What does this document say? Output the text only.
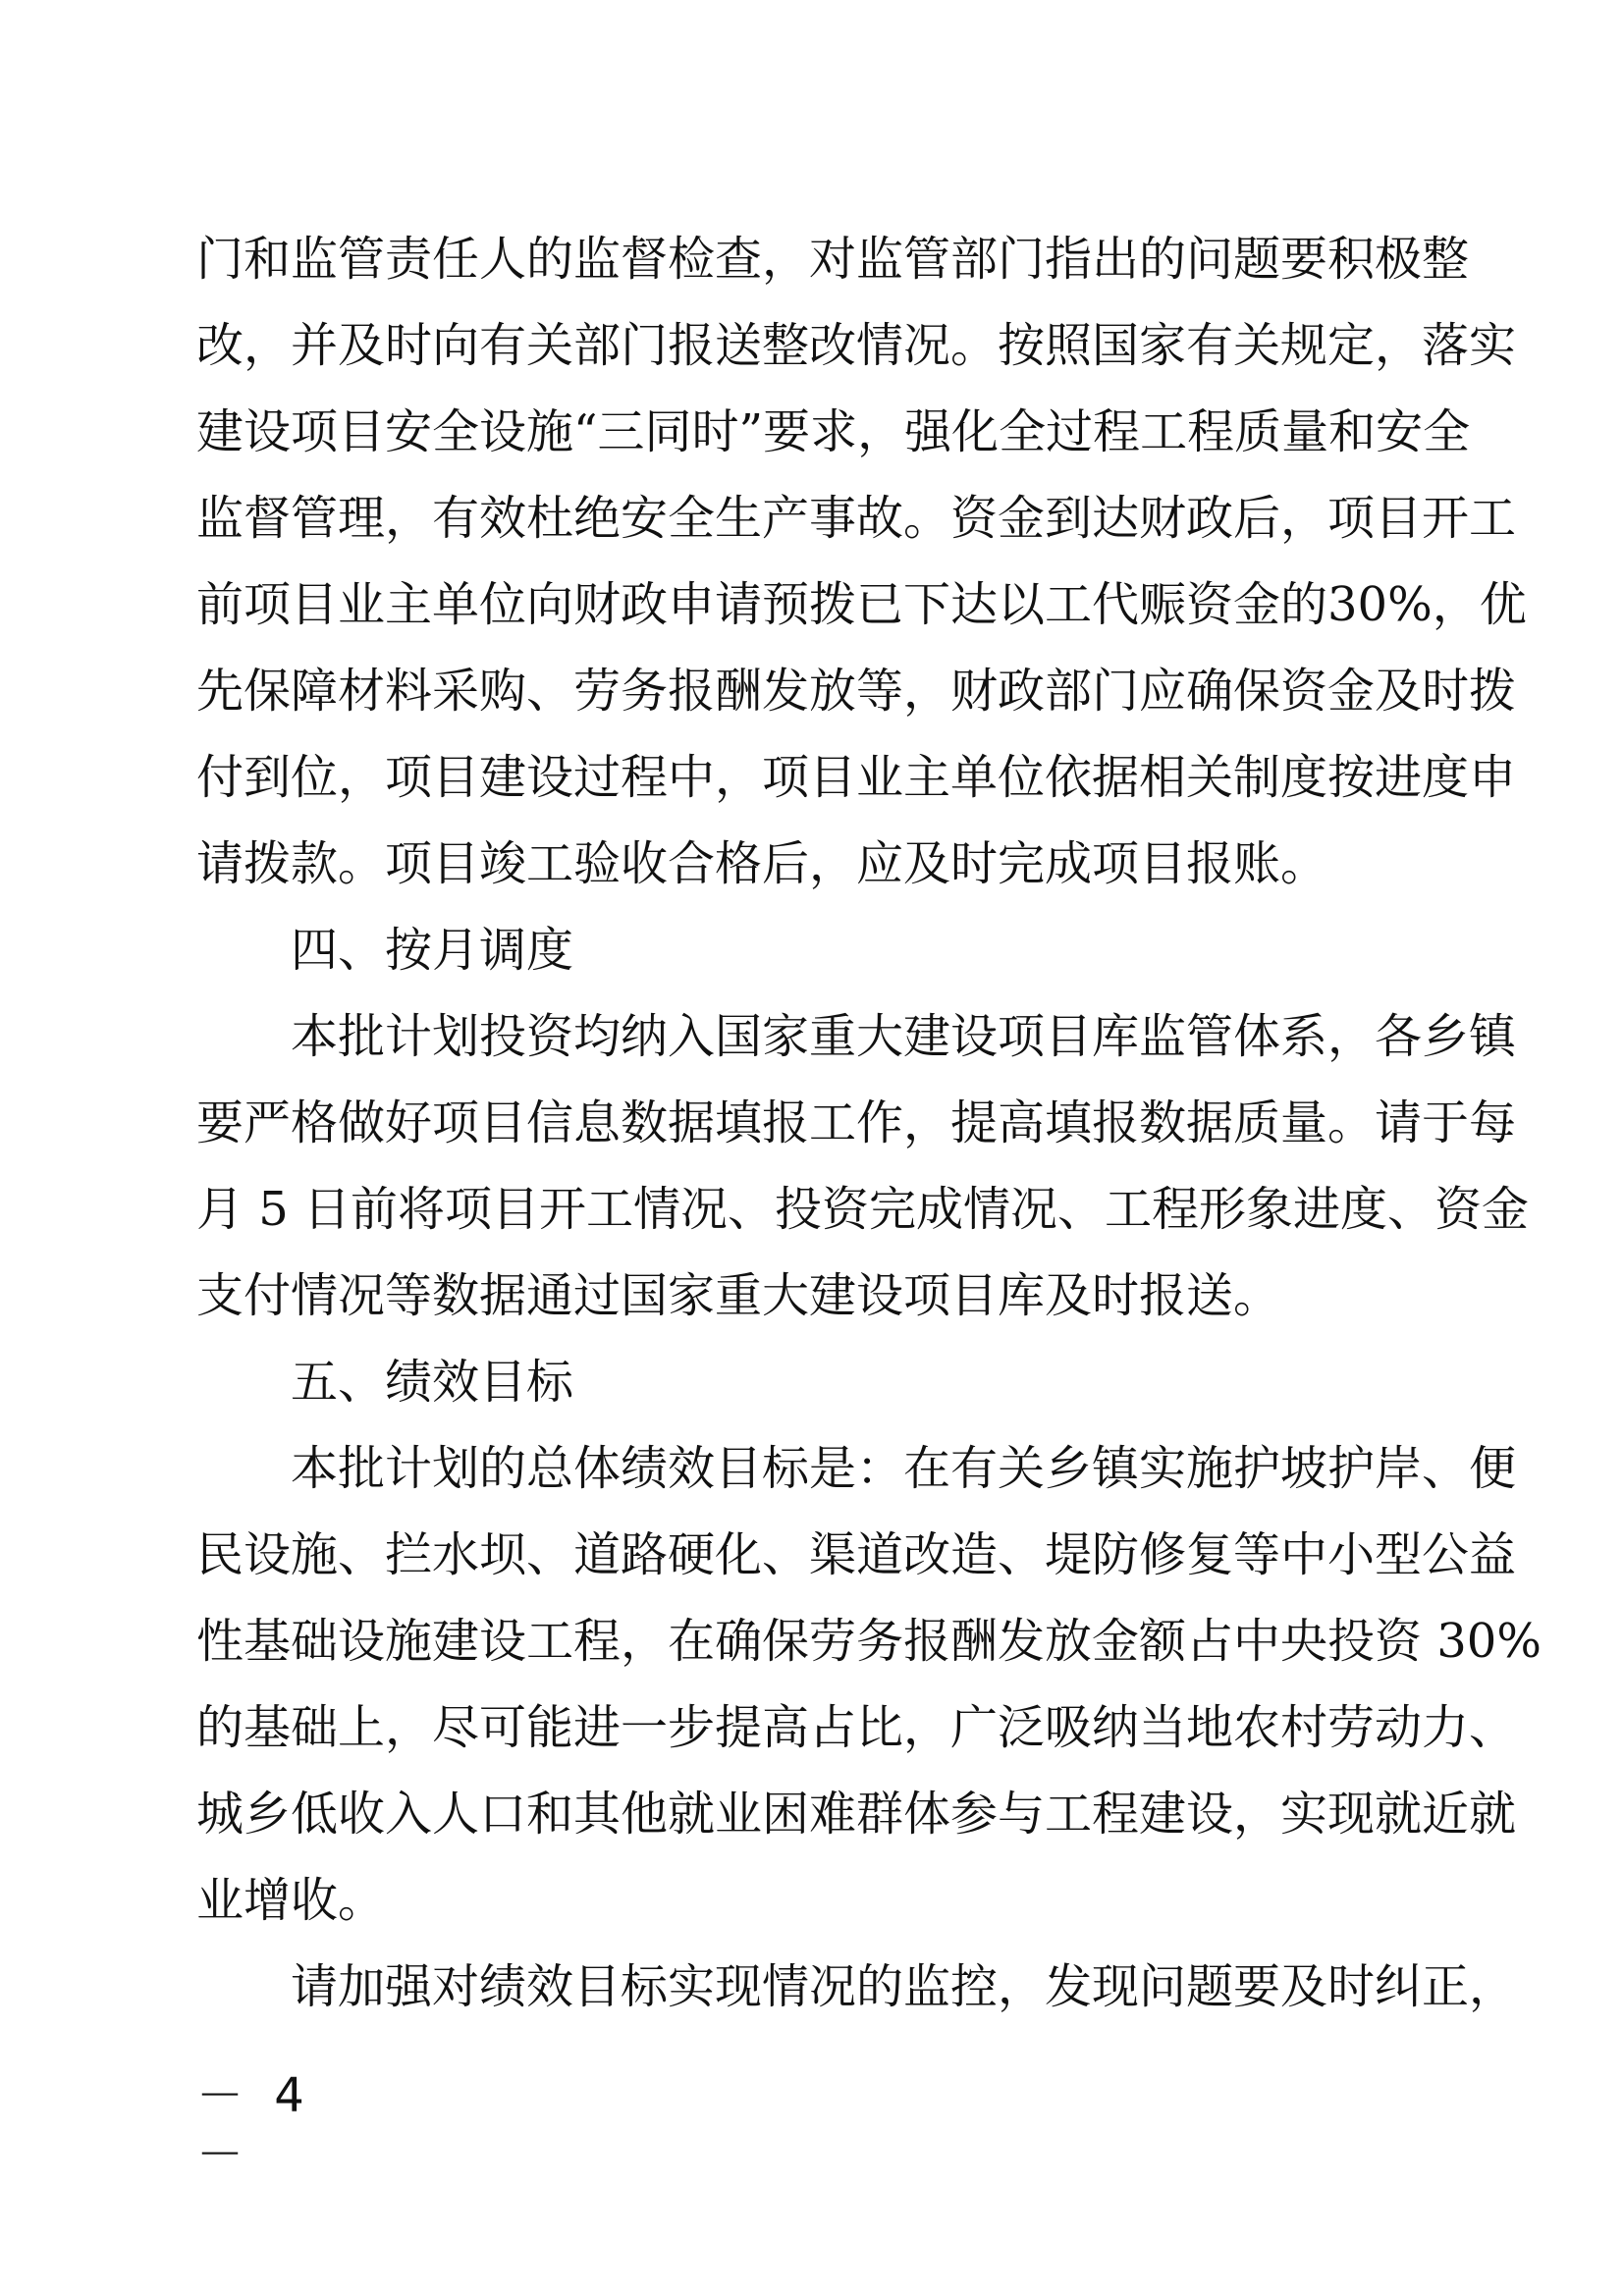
门和监管责任人的监督检查，对监管部门指出的问题要积极整
改，并及时向有关部门报送整改情况。按照国家有关规定，落实
建设项目安全设施“三同时”要求，强化全过程工程质量和安全
监督管理，有效杜绝安全生产事故。资金到达财政后，项目开工
前项目业主单位向财政申请预拨已下达以工代赈资金的30%，优
先保障材料采购、劳务报酬发放等，财政部门应确保资金及时拨
付到位，项目建设过程中，项目业主单位依据相关制度按进度申
请拨款。项目竣工验收合格后，应及时完成项目报账。
四、按月调度
本批计划投资均纳入国家重大建设项目库监管体系，各乡镇
要严格做好项目信息数据填报工作，提高填报数据质量。请于每
月 5 日前将项目开工情况、投资完成情况、工程形象进度、资金
支付情况等数据通过国家重大建设项目库及时报送。
五、绩效目标
本批计划的总体绩效目标是：在有关乡镇实施护坡护岸、便
民设施、拦水坝、道路硬化、渠道改造、堤防修复等中小型公益
性基础设施建设工程，在确保劳务报酬发放金额占中央投资 30%
的基础上，尽可能进一步提高占比，广泛吸纳当地农村劳动力、
城乡低收入人口和其他就业困难群体参与工程建设，实现就近就
业增收。
请加强对绩效目标实现情况的监控，发现问题要及时纠正，
－ 4 －
